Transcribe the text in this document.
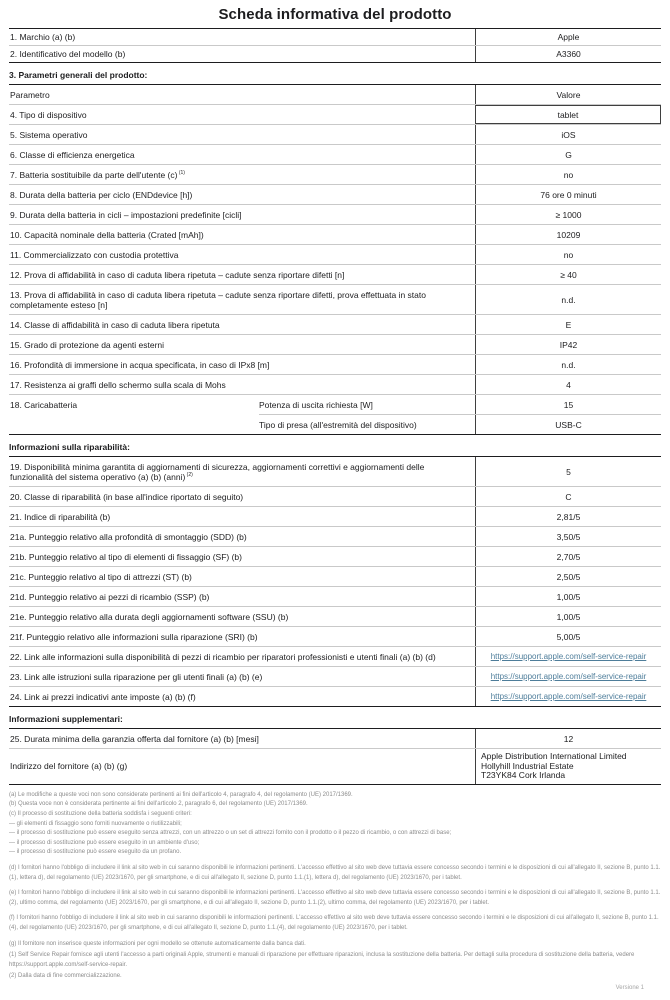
Scheda informativa del prodotto
1. Marchio (a) (b)	Apple
2. Identificativo del modello (b)	A3360
3. Parametri generali del prodotto:
Parametro	Valore
4. Tipo di dispositivo	tablet
5. Sistema operativo	iOS
6. Classe di efficienza energetica	G
7. Batteria sostituibile da parte dell'utente (c) $^{(1)}$	no
8. Durata della batteria per ciclo (ENDdevice [h])	76 ore 0 minuti
9. Durata della batteria in cicli – impostazioni predefinite [cicli]	≥ 1000
10. Capacità nominale della batteria (Crated [mAh])	10209
11. Commercializzato con custodia protettiva	no
12. Prova di affidabilità in caso di caduta libera ripetuta – cadute senza riportare difetti [n]	≥ 40
13. Prova di affidabilità in caso di caduta libera ripetuta – cadute senza riportare difetti, prova effettuata in stato completamente esteso [n]	n.d.
14. Classe di affidabilità in caso di caduta libera ripetuta	E
15. Grado di protezione da agenti esterni	IP42
16. Profondità di immersione in acqua specificata, in caso di IPx8 [m]	n.d.
17. Resistenza ai graffi dello schermo sulla scala di Mohs	4
18. Caricabatteria	Potenza di uscita richiesta [W]	15
Tipo di presa (all'estremità del dispositivo)	USB-C
Informazioni sulla riparabilità:
19. Disponibilità minima garantita di aggiornamenti di sicurezza, aggiornamenti correttivi e aggiornamenti delle funzionalità del sistema operativo (a) (b) (anni) $^{(2)}$	5
20. Classe di riparabilità (in base all'indice riportato di seguito)	C
21. Indice di riparabilità (b)	2,81/5
21a. Punteggio relativo alla profondità di smontaggio (SDD) (b)	3,50/5
21b. Punteggio relativo al tipo di elementi di fissaggio (SF) (b)	2,70/5
21c. Punteggio relativo al tipo di attrezzi (ST) (b)	2,50/5
21d. Punteggio relativo ai pezzi di ricambio (SSP) (b)	1,00/5
21e. Punteggio relativo alla durata degli aggiornamenti software (SSU) (b)	1,00/5
21f. Punteggio relativo alle informazioni sulla riparazione (SRI) (b)	5,00/5
22. Link alle informazioni sulla disponibilità di pezzi di ricambio per riparatori professionisti e utenti finali (a) (b) (d)	https://support.apple.com/self-service-repair
23. Link alle istruzioni sulla riparazione per gli utenti finali (a) (b) (e)	https://support.apple.com/self-service-repair
24. Link ai prezzi indicativi ante imposte (a) (b) (f)	https://support.apple.com/self-service-repair
Informazioni supplementari:
25. Durata minima della garanzia offerta dal fornitore (a) (b) [mesi]	12
Indirizzo del fornitore (a) (b) (g)
Apple Distribution International Limited
Hollyhill Industrial Estate
T23YK84 Cork Irlanda
(a) Le modifiche a queste voci non sono considerate pertinenti ai fini dell'articolo 4, paragrafo 4, del regolamento (UE) 2017/1369.
(b) Questa voce non è considerata pertinente ai fini dell'articolo 2, paragrafo 6, del regolamento (UE) 2017/1369.
(c) Il processo di sostituzione della batteria soddisfa i seguenti criteri:
— gli elementi di fissaggio sono forniti nuovamente o riutilizzabili;
— il processo di sostituzione può essere eseguito senza attrezzi, con un attrezzo o un set di attrezzi fornito con il prodotto o il pezzo di ricambio, o con attrezzi di base;
— il processo di sostituzione può essere eseguito in un ambiente d'uso;
— il processo di sostituzione può essere eseguito da un profano.
(d) I fornitori hanno l'obbligo di includere il link al sito web in cui saranno disponibili le informazioni pertinenti. L'accesso effettivo al sito web deve tuttavia essere concesso secondo i termini e le disposizioni di cui all'allegato II, sezione B, punto 1.1.(1), lettera d), del regolamento (UE) 2023/1670, per gli smartphone, e di cui all'allegato II, sezione D, punto 1.1.(1), lettera d), del regolamento (UE) 2023/1670, per i tablet.
(e) I fornitori hanno l'obbligo di includere il link al sito web in cui saranno disponibili le informazioni pertinenti. L'accesso effettivo al sito web deve tuttavia essere concesso secondo i termini e le disposizioni di cui all'allegato II, sezione B, punto 1.1.(2), ultimo comma, del regolamento (UE) 2023/1670, per gli smartphone, e di cui all'allegato II, sezione D, punto 1.1.(2), ultimo comma, del regolamento (UE) 2023/1670, per i tablet.
(f) I fornitori hanno l'obbligo di includere il link al sito web in cui saranno disponibili le informazioni pertinenti. L'accesso effettivo al sito web deve tuttavia essere concesso secondo i termini e le disposizioni di cui all'allegato II, sezione B, punto 1.1.(4), del regolamento (UE) 2023/1670, per gli smartphone, e di cui all'allegato II, sezione D, punto 1.1.(4), del regolamento (UE) 2023/1670, per i tablet.
(g) Il fornitore non inserisce queste informazioni per ogni modello se ottenute automaticamente dalla banca dati.
(1) Self Service Repair fornisce agli utenti l'accesso a parti originali Apple, strumenti e manuali di riparazione per effettuare riparazioni, inclusa la sostituzione della batteria. Per dettagli sulla procedura di sostituzione della batteria, vedere https://support.apple.com/self-service-repair.
(2) Dalla data di fine commercializzazione.
Versione 1
